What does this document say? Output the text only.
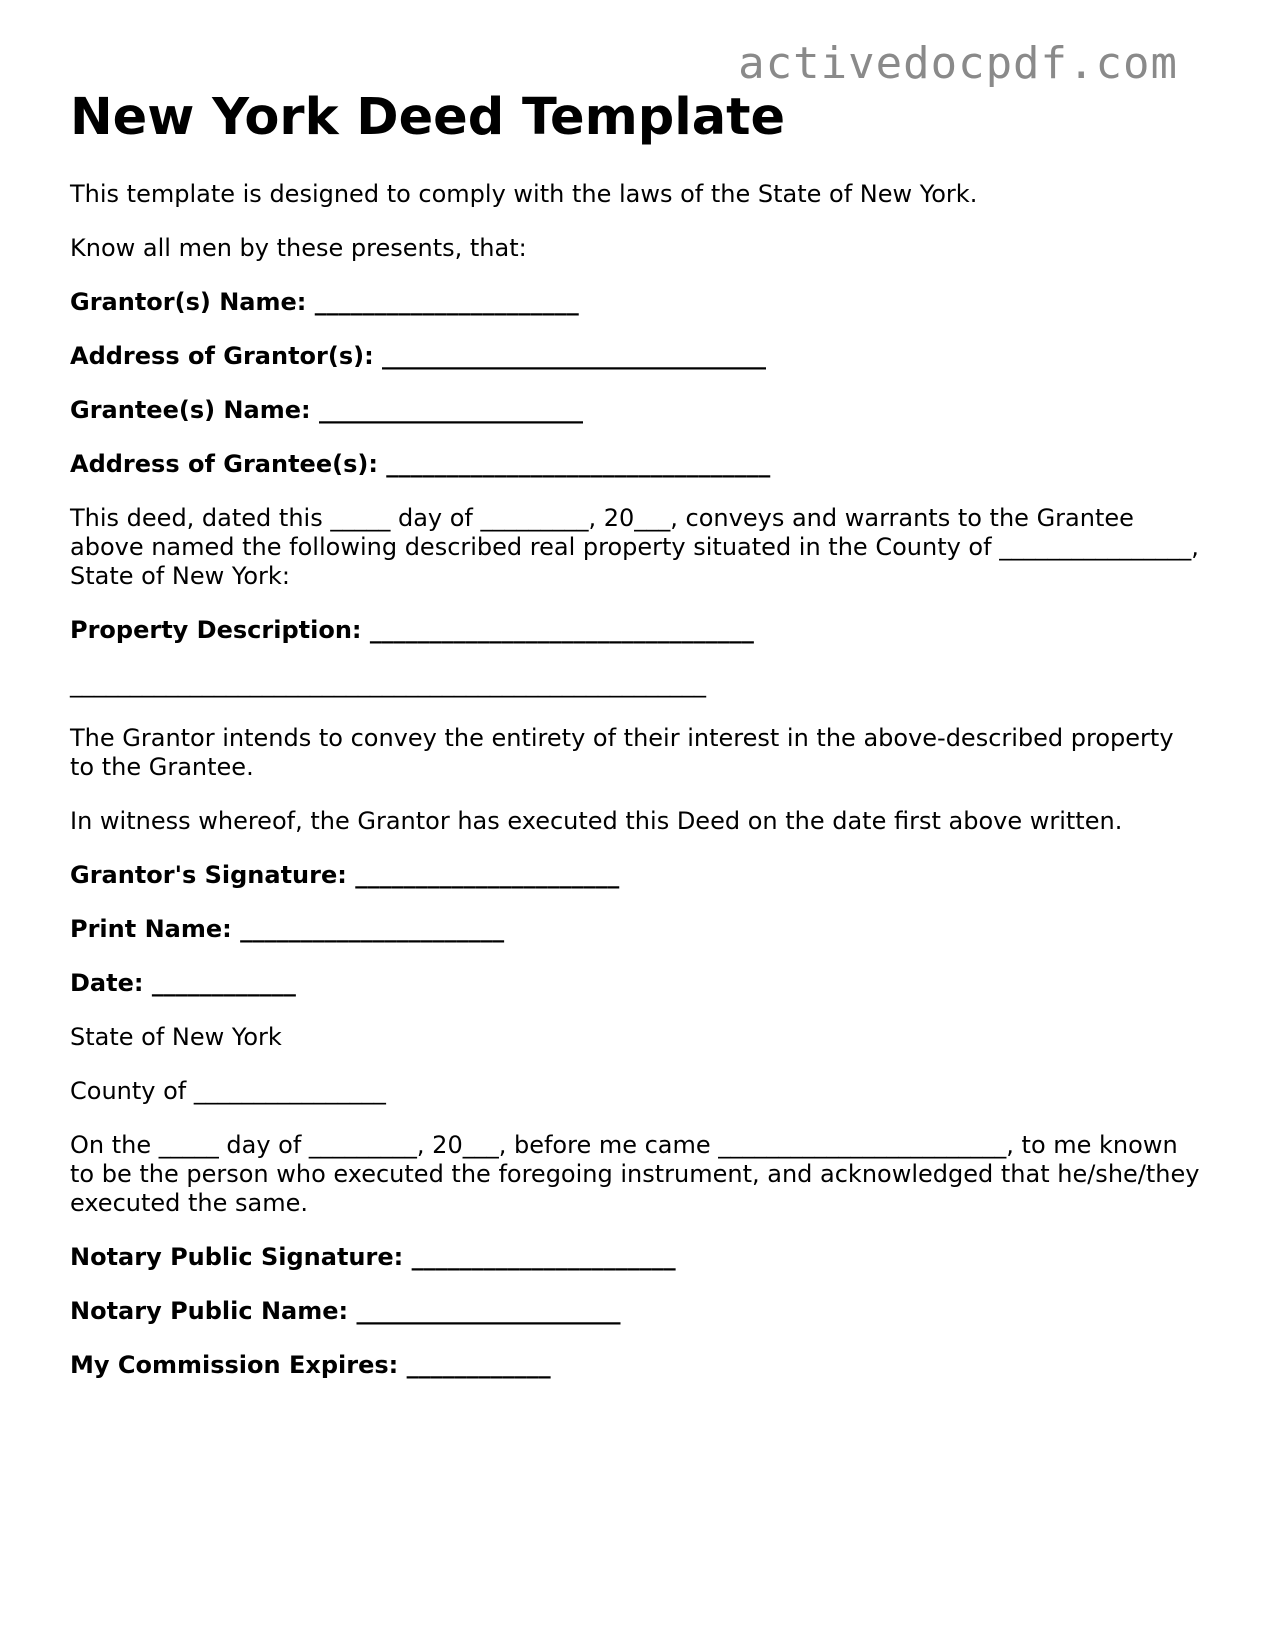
activedocpdf.com
New York Deed Template

This template is designed to comply with the laws of the State of New York.

Know all men by these presents, that:

Grantor(s) Name: ______________________

Address of Grantor(s): ________________________________

Grantee(s) Name: ______________________

Address of Grantee(s): ________________________________

This deed, dated this _____ day of _________, 20___, conveys and warrants to the Grantee above named the following described real property situated in the County of ________________, State of New York:

Property Description: ________________________________

_____________________________________________________

The Grantor intends to convey the entirety of their interest in the above-described property to the Grantee.

In witness whereof, the Grantor has executed this Deed on the date first above written.

Grantor's Signature: ______________________

Print Name: ______________________

Date: ____________

State of New York

County of ________________

On the _____ day of _________, 20___, before me came ________________________, to me known to be the person who executed the foregoing instrument, and acknowledged that he/she/they executed the same.

Notary Public Signature: ______________________

Notary Public Name: ______________________

My Commission Expires: ____________
